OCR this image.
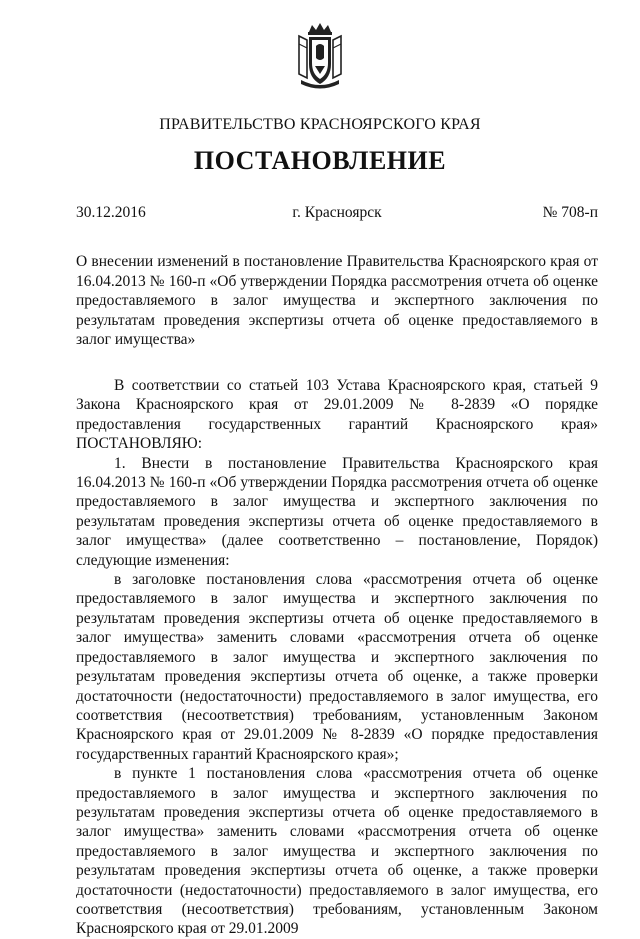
ПРАВИТЕЛЬСТВО КРАСНОЯРСКОГО КРАЯ
ПОСТАНОВЛЕНИЕ
30.12.2016	г. Красноярск	№ 708-п
О внесении изменений в постановление Правительства Красноярского края от 16.04.2013 № 160-п «Об утверждении Порядка рассмотрения отчета об оценке предоставляемого в залог имущества и экспертного заключения по результатам проведения экспертизы отчета об оценке предоставляемого в залог имущества»

В соответствии со статьей 103 Устава Красноярского края, статьей 9 Закона Красноярского края от 29.01.2009 № 8-2839 «О порядке предоставления государственных гарантий Красноярского края» ПОСТАНОВЛЯЮ:

1. Внести в постановление Правительства Красноярского края 16.04.2013 № 160-п «Об утверждении Порядка рассмотрения отчета об оценке предоставляемого в залог имущества и экспертного заключения по результатам проведения экспертизы отчета об оценке предоставляемого в залог имущества» (далее соответственно – постановление, Порядок) следующие изменения:

в заголовке постановления слова «рассмотрения отчета об оценке предоставляемого в залог имущества и экспертного заключения по результатам проведения экспертизы отчета об оценке предоставляемого в залог имущества» заменить словами «рассмотрения отчета об оценке предоставляемого в залог имущества и экспертного заключения по результатам проведения экспертизы отчета об оценке, а также проверки достаточности (недостаточности) предоставляемого в залог имущества, его соответствия (несоответствия) требованиям, установленным Законом Красноярского края от 29.01.2009 № 8-2839 «О порядке предоставления государственных гарантий Красноярского края»;

в пункте 1 постановления слова «рассмотрения отчета об оценке предоставляемого в залог имущества и экспертного заключения по результатам проведения экспертизы отчета об оценке предоставляемого в залог имущества» заменить словами «рассмотрения отчета об оценке предоставляемого в залог имущества и экспертного заключения по результатам проведения экспертизы отчета об оценке, а также проверки достаточности (недостаточности) предоставляемого в залог имущества, его соответствия (несоответствия) требованиям, установленным Законом Красноярского края от 29.01.2009
